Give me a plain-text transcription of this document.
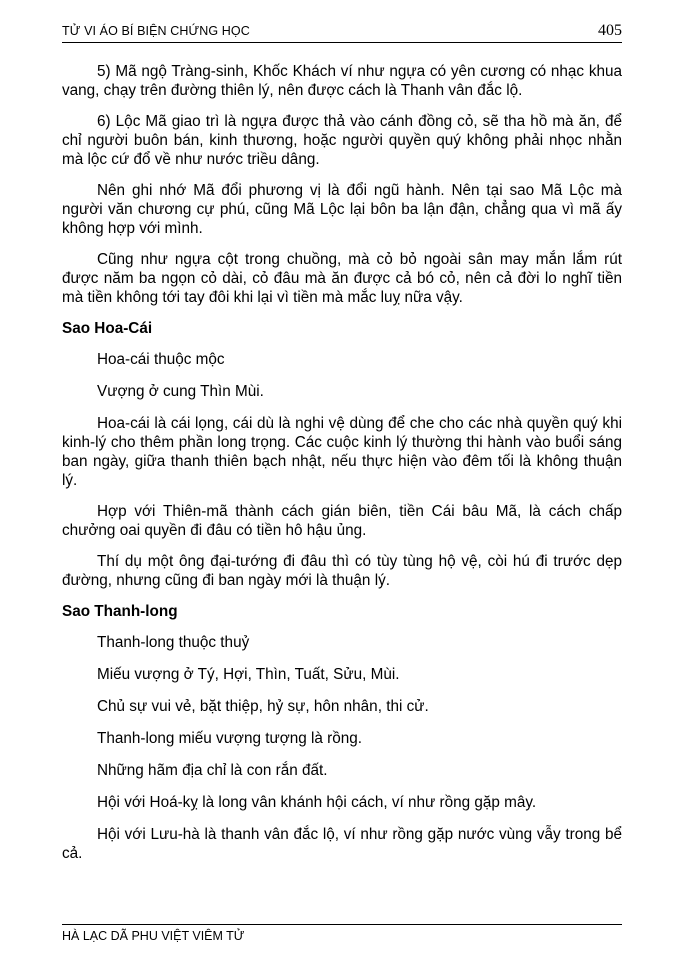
TỬ VI ÁO BÍ BIỆN CHỨNG HỌC	405

5) Mã ngộ Tràng-sinh, Khốc Khách ví như ngựa có yên cương có nhạc khua vang, chạy trên đường thiên lý, nên được cách là Thanh vân đắc lộ.

6) Lộc Mã giao trì là ngựa được thả vào cánh đồng cỏ, sẽ tha hồ mà ăn, để chỉ người buôn bán, kinh thương, hoặc người quyền quý không phải nhọc nhằn mà lộc cứ đổ về như nước triều dâng.

Nên ghi nhớ Mã đổi phương vị là đổi ngũ hành. Nên tại sao Mã Lộc mà người văn chương cự phú, cũng Mã Lộc lại bôn ba lận đận, chẳng qua vì mã ấy không hợp với mình.

Cũng như ngựa cột trong chuồng, mà cỏ bỏ ngoài sân may mắn lắm rút được năm ba ngọn cỏ dài, cỏ đâu mà ăn được cả bó cỏ, nên cả đời lo nghĩ tiền mà tiền không tới tay đôi khi lại vì tiền mà mắc luỵ nữa vậy.

Sao Hoa-Cái

Hoa-cái thuộc mộc

Vượng ở cung Thìn Mùi.

Hoa-cái là cái lọng, cái dù là nghi vệ dùng để che cho các nhà quyền quý khi kinh-lý cho thêm phần long trọng. Các cuộc kinh lý thường thi hành vào buổi sáng ban ngày, giữa thanh thiên bạch nhật, nếu thực hiện vào đêm tối là không thuận lý.

Hợp với Thiên-mã thành cách gián biên, tiền Cái bâu Mã, là cách chấp chưởng oai quyền đi đâu có tiền hô hậu ủng.

Thí dụ một ông đại-tướng đi đâu thì có tùy tùng hộ vệ, còi hú đi trước dẹp đường, nhưng cũng đi ban ngày mới là thuận lý.

Sao Thanh-long

Thanh-long thuộc thuỷ

Miếu vượng ở Tý, Hợi, Thìn, Tuất, Sửu, Mùi.

Chủ sự vui vẻ, bặt thiệp, hỷ sự, hôn nhân, thi cử.

Thanh-long miếu vượng tượng là rồng.

Những hãm địa chỉ là con rắn đất.

Hội với Hoá-kỵ là long vân khánh hội cách, ví như rồng gặp mây.

Hội với Lưu-hà là thanh vân đắc lộ, ví như rồng gặp nước vùng vẫy trong bể cả.

HÀ LẠC DÃ PHU VIỆT VIÊM TỬ
